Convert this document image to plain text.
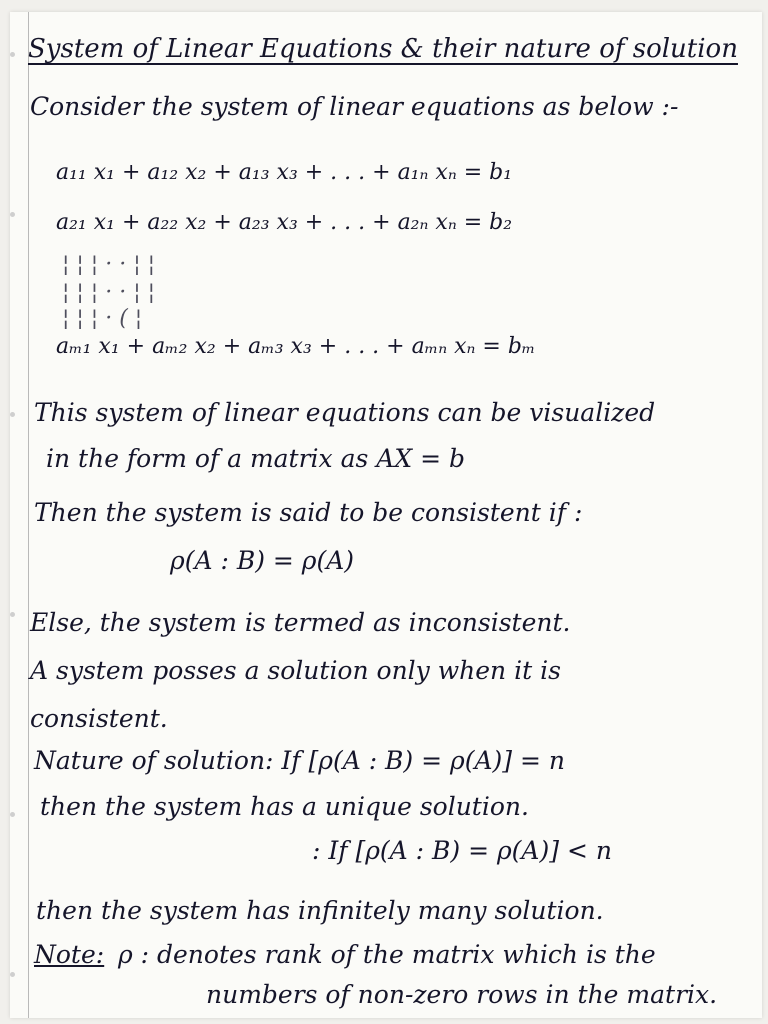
System of Linear Equations & their nature of solution
Consider the system of linear equations as below :-
a₁₁ x₁ + a₁₂ x₂ + a₁₃ x₃ + . . . + a₁ₙ xₙ = b₁
a₂₁ x₁ + a₂₂ x₂ + a₂₃ x₃ + . . . + a₂ₙ xₙ = b₂
¦ ¦ ¦ · · ¦ ¦
¦ ¦ ¦ · · ¦ ¦
¦ ¦ ¦ · ( ¦
aₘ₁ x₁ + aₘ₂ x₂ + aₘ₃ x₃ + . . . + aₘₙ xₙ = bₘ
This system of linear equations can be visualized
in the form of a matrix as AX = b
Then the system is said to be consistent if :
ρ(A : B) = ρ(A)
Else, the system is termed as inconsistent.
A system posses a solution only when it is
consistent.
Nature of solution: If [ρ(A : B) = ρ(A)] = n
then the system has a unique solution.
: If [ρ(A : B) = ρ(A)] < n
then the system has infinitely many solution.
Note: ρ : denotes rank of the matrix which is the
numbers of non-zero rows in the matrix.
